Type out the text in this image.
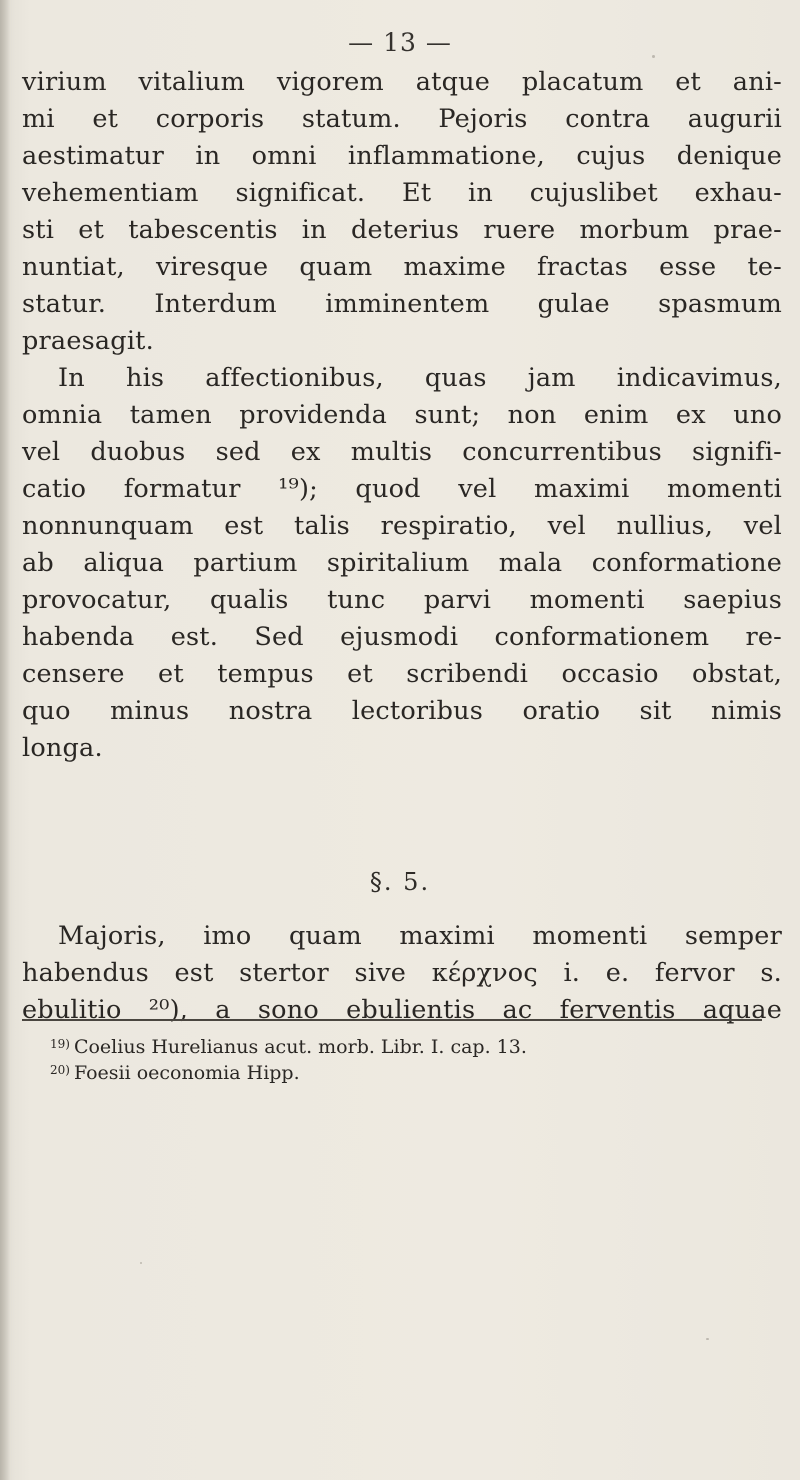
— 13 —
virium vitalium vigorem atque placatum et ani-
mi et corporis statum. Pejoris contra augurii
aestimatur in omni inflammatione, cujus denique
vehementiam significat. Et in cujuslibet exhau-
sti et tabescentis in deterius ruere morbum prae-
nuntiat, viresque quam maxime fractas esse te-
statur. Interdum imminentem gulae spasmum
praesagit.
In his affectionibus, quas jam indicavimus,
omnia tamen providenda sunt; non enim ex uno
vel duobus sed ex multis concurrentibus signifi-
catio formatur ¹⁹); quod vel maximi momenti
nonnunquam est talis respiratio, vel nullius, vel
ab aliqua partium spiritalium mala conformatione
provocatur, qualis tunc parvi momenti saepius
habenda est. Sed ejusmodi conformationem re-
censere et tempus et scribendi occasio obstat,
quo minus nostra lectoribus oratio sit nimis
longa.
§. 5.
Majoris, imo quam maximi momenti semper
habendus est stertor sive κέρχνος i. e. fervor s.
ebulitio ²⁰), a sono ebulientis ac ferventis aquae
$^{19)}$ Coelius Hurelianus acut. morb. Libr. I. cap. 13.
$^{20)}$ Foesii oeconomia Hipp.
